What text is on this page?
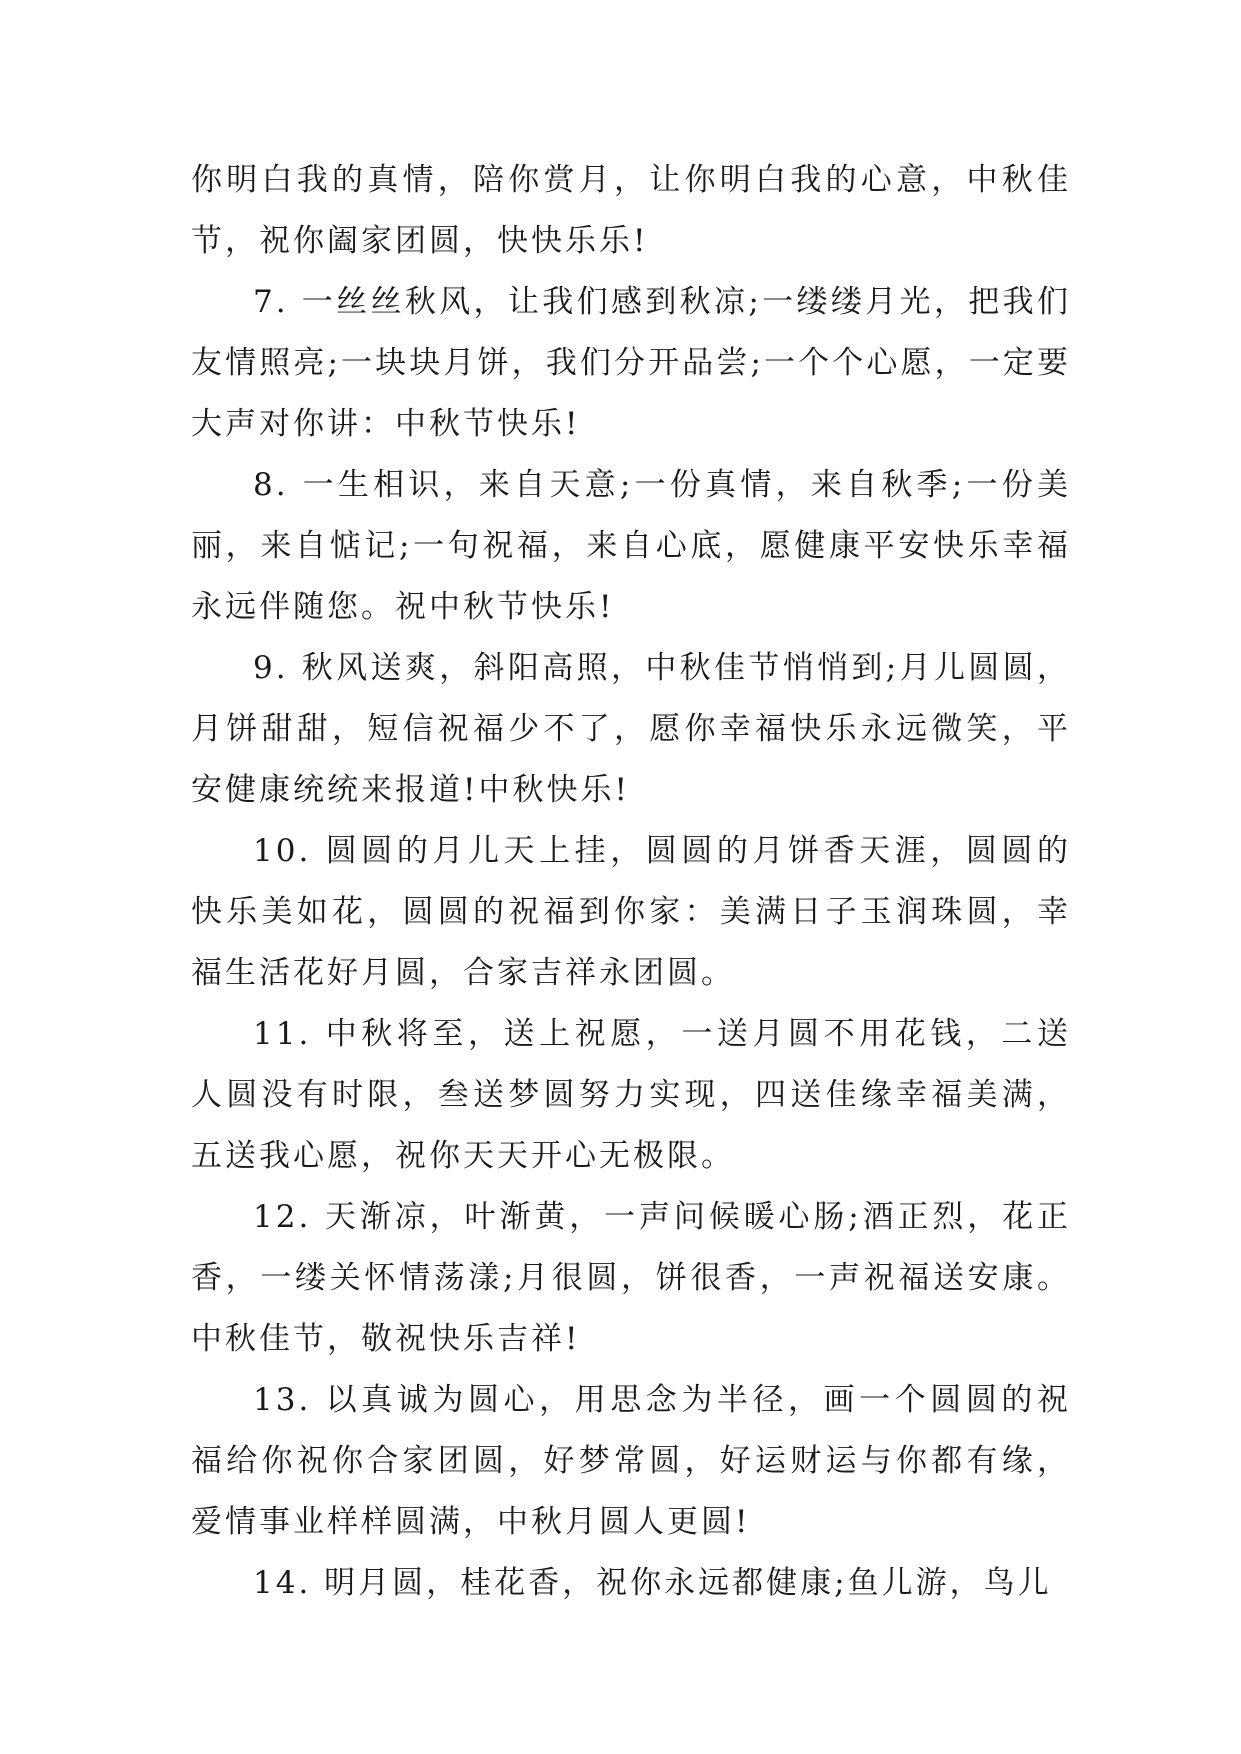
你明白我的真情，陪你赏月，让你明白我的心意，中秋佳节，祝你阖家团圆，快快乐乐!

7. 一丝丝秋风，让我们感到秋凉;一缕缕月光，把我们友情照亮;一块块月饼，我们分开品尝;一个个心愿，一定要大声对你讲：中秋节快乐!

8. 一生相识，来自天意;一份真情，来自秋季;一份美丽，来自惦记;一句祝福，来自心底，愿健康平安快乐幸福永远伴随您。祝中秋节快乐!

9. 秋风送爽，斜阳高照，中秋佳节悄悄到;月儿圆圆，月饼甜甜，短信祝福少不了，愿你幸福快乐永远微笑，平安健康统统来报道!中秋快乐!

10. 圆圆的月儿天上挂，圆圆的月饼香天涯，圆圆的快乐美如花，圆圆的祝福到你家：美满日子玉润珠圆，幸福生活花好月圆，合家吉祥永团圆。

11. 中秋将至，送上祝愿，一送月圆不用花钱，二送人圆没有时限，叁送梦圆努力实现，四送佳缘幸福美满，五送我心愿，祝你天天开心无极限。

12. 天渐凉，叶渐黄，一声问候暖心肠;酒正烈，花正香，一缕关怀情荡漾;月很圆，饼很香，一声祝福送安康。中秋佳节，敬祝快乐吉祥!

13. 以真诚为圆心，用思念为半径，画一个圆圆的祝福给你祝你合家团圆，好梦常圆，好运财运与你都有缘，爱情事业样样圆满，中秋月圆人更圆!

14. 明月圆，桂花香，祝你永远都健康;鱼儿游，鸟儿
